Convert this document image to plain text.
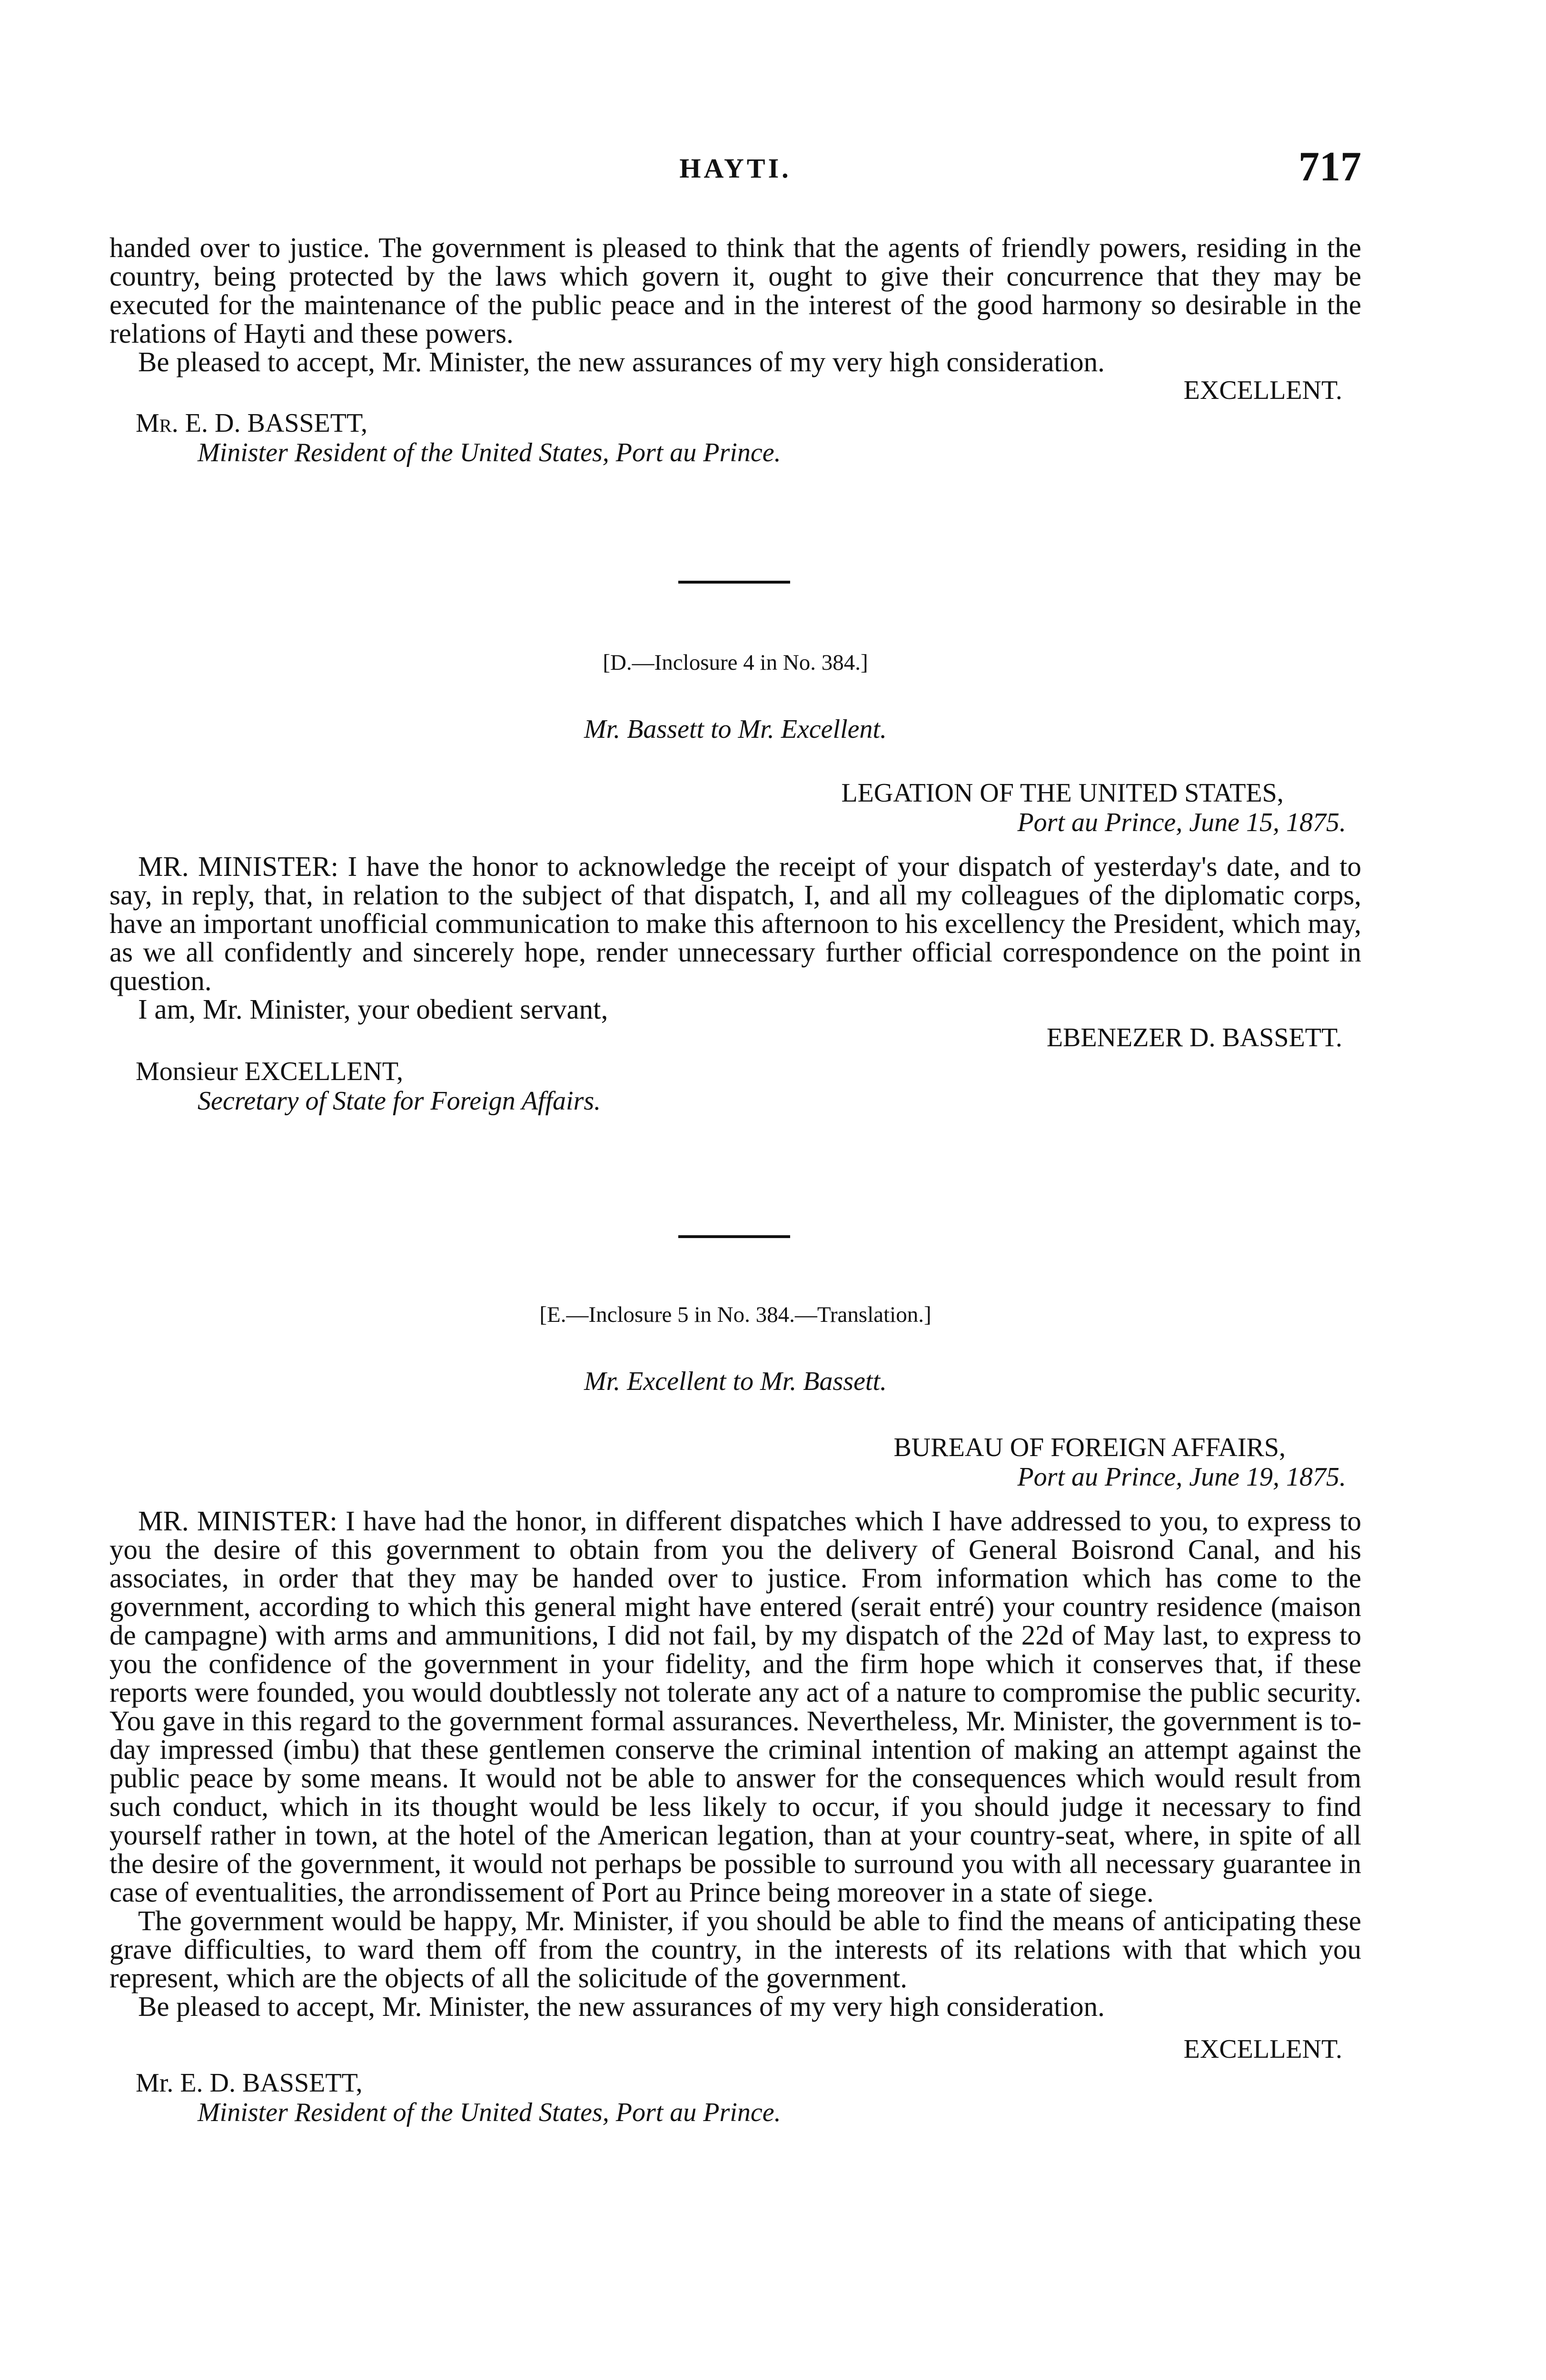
HAYTI.	717

handed over to justice. The government is pleased to think that the agents of friendly powers, residing in the country, being protected by the laws which govern it, ought to give their concurrence that they may be executed for the maintenance of the public peace and in the interest of the good harmony so desirable in the relations of Hayti and these powers.

Be pleased to accept, Mr. Minister, the new assurances of my very high consideration.

EXCELLENT.
Mr. E. D. BASSETT,
Minister Resident of the United States, Port au Prince.
[D.—Inclosure 4 in No. 384.]
Mr. Bassett to Mr. Excellent.
LEGATION OF THE UNITED STATES,
Port au Prince, June 15, 1875.

MR. MINISTER: I have the honor to acknowledge the receipt of your dispatch of yesterday's date, and to say, in reply, that, in relation to the subject of that dispatch, I, and all my colleagues of the diplomatic corps, have an important unofficial communication to make this afternoon to his excellency the President, which may, as we all confidently and sincerely hope, render unnecessary further official correspondence on the point in question.

I am, Mr. Minister, your obedient servant,

EBENEZER D. BASSETT.
Monsieur EXCELLENT,
Secretary of State for Foreign Affairs.
[E.—Inclosure 5 in No. 384.—Translation.]
Mr. Excellent to Mr. Bassett.
BUREAU OF FOREIGN AFFAIRS,
Port au Prince, June 19, 1875.

MR. MINISTER: I have had the honor, in different dispatches which I have addressed to you, to express to you the desire of this government to obtain from you the delivery of General Boisrond Canal, and his associates, in order that they may be handed over to justice. From information which has come to the government, according to which this general might have entered (serait entré) your country residence (maison de campagne) with arms and ammunitions, I did not fail, by my dispatch of the 22d of May last, to express to you the confidence of the government in your fidelity, and the firm hope which it conserves that, if these reports were founded, you would doubtlessly not tolerate any act of a nature to compromise the public security. You gave in this regard to the government formal assurances. Nevertheless, Mr. Minister, the government is to-day impressed (imbu) that these gentlemen conserve the criminal intention of making an attempt against the public peace by some means. It would not be able to answer for the consequences which would result from such conduct, which in its thought would be less likely to occur, if you should judge it necessary to find yourself rather in town, at the hotel of the American legation, than at your country-seat, where, in spite of all the desire of the government, it would not perhaps be possible to surround you with all necessary guarantee in case of eventualities, the arrondissement of Port au Prince being moreover in a state of siege.

The government would be happy, Mr. Minister, if you should be able to find the means of anticipating these grave difficulties, to ward them off from the country, in the interests of its relations with that which you represent, which are the objects of all the solicitude of the government.

Be pleased to accept, Mr. Minister, the new assurances of my very high consideration.

EXCELLENT.
Mr. E. D. BASSETT,
Minister Resident of the United States, Port au Prince.
